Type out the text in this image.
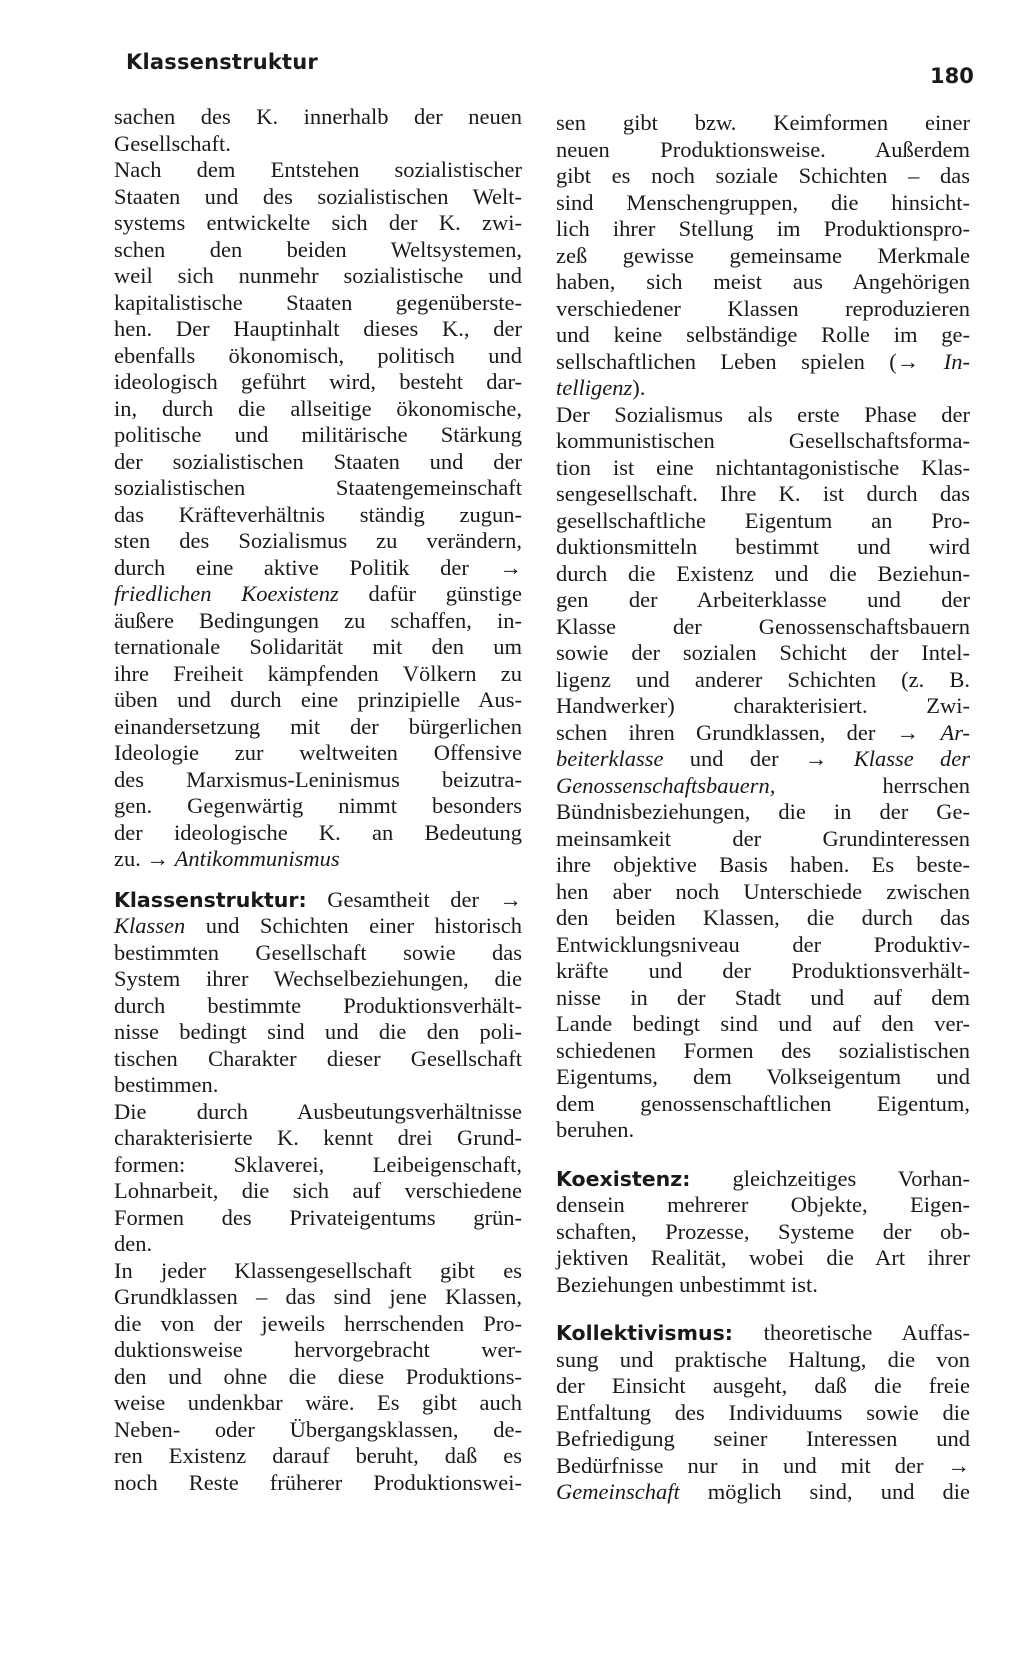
Klassenstruktur
180
sachen des K. innerhalb der neuen
Gesellschaft.
Nach dem Entstehen sozialistischer
Staaten und des sozialistischen Welt-
systems entwickelte sich der K. zwi-
schen den beiden Weltsystemen,
weil sich nunmehr sozialistische und
kapitalistische Staaten gegenüberste-
hen. Der Hauptinhalt dieses K., der
ebenfalls ökonomisch, politisch und
ideologisch geführt wird, besteht dar-
in, durch die allseitige ökonomische,
politische und militärische Stärkung
der sozialistischen Staaten und der
sozialistischen Staatengemeinschaft
das Kräfteverhältnis ständig zugun-
sten des Sozialismus zu verändern,
durch eine aktive Politik der →
friedlichen Koexistenz dafür günstige
äußere Bedingungen zu schaffen, in-
ternationale Solidarität mit den um
ihre Freiheit kämpfenden Völkern zu
üben und durch eine prinzipielle Aus-
einandersetzung mit der bürgerlichen
Ideologie zur weltweiten Offensive
des Marxismus-Leninismus beizutra-
gen. Gegenwärtig nimmt besonders
der ideologische K. an Bedeutung
zu. → Antikommunismus
Klassenstruktur: Gesamtheit der →
Klassen und Schichten einer historisch
bestimmten Gesellschaft sowie das
System ihrer Wechselbeziehungen, die
durch bestimmte Produktionsverhält-
nisse bedingt sind und die den poli-
tischen Charakter dieser Gesellschaft
bestimmen.
Die durch Ausbeutungsverhältnisse
charakterisierte K. kennt drei Grund-
formen: Sklaverei, Leibeigenschaft,
Lohnarbeit, die sich auf verschiedene
Formen des Privateigentums grün-
den.
In jeder Klassengesellschaft gibt es
Grundklassen – das sind jene Klassen,
die von der jeweils herrschenden Pro-
duktionsweise hervorgebracht wer-
den und ohne die diese Produktions-
weise undenkbar wäre. Es gibt auch
Neben- oder Übergangsklassen, de-
ren Existenz darauf beruht, daß es
noch Reste früherer Produktionswei-
sen gibt bzw. Keimformen einer
neuen Produktionsweise. Außerdem
gibt es noch soziale Schichten – das
sind Menschengruppen, die hinsicht-
lich ihrer Stellung im Produktionspro-
zeß gewisse gemeinsame Merkmale
haben, sich meist aus Angehörigen
verschiedener Klassen reproduzieren
und keine selbständige Rolle im ge-
sellschaftlichen Leben spielen (→ In-
telligenz).
Der Sozialismus als erste Phase der
kommunistischen Gesellschaftsforma-
tion ist eine nichtantagonistische Klas-
sengesellschaft. Ihre K. ist durch das
gesellschaftliche Eigentum an Pro-
duktionsmitteln bestimmt und wird
durch die Existenz und die Beziehun-
gen der Arbeiterklasse und der
Klasse der Genossenschaftsbauern
sowie der sozialen Schicht der Intel-
ligenz und anderer Schichten (z. B.
Handwerker) charakterisiert. Zwi-
schen ihren Grundklassen, der → Ar-
beiterklasse und der → Klasse der
Genossenschaftsbauern, herrschen
Bündnisbeziehungen, die in der Ge-
meinsamkeit der Grundinteressen
ihre objektive Basis haben. Es beste-
hen aber noch Unterschiede zwischen
den beiden Klassen, die durch das
Entwicklungsniveau der Produktiv-
kräfte und der Produktionsverhält-
nisse in der Stadt und auf dem
Lande bedingt sind und auf den ver-
schiedenen Formen des sozialistischen
Eigentums, dem Volkseigentum und
dem genossenschaftlichen Eigentum,
beruhen.
Koexistenz: gleichzeitiges Vorhan-
densein mehrerer Objekte, Eigen-
schaften, Prozesse, Systeme der ob-
jektiven Realität, wobei die Art ihrer
Beziehungen unbestimmt ist.
Kollektivismus: theoretische Auffas-
sung und praktische Haltung, die von
der Einsicht ausgeht, daß die freie
Entfaltung des Individuums sowie die
Befriedigung seiner Interessen und
Bedürfnisse nur in und mit der →
Gemeinschaft möglich sind, und die
